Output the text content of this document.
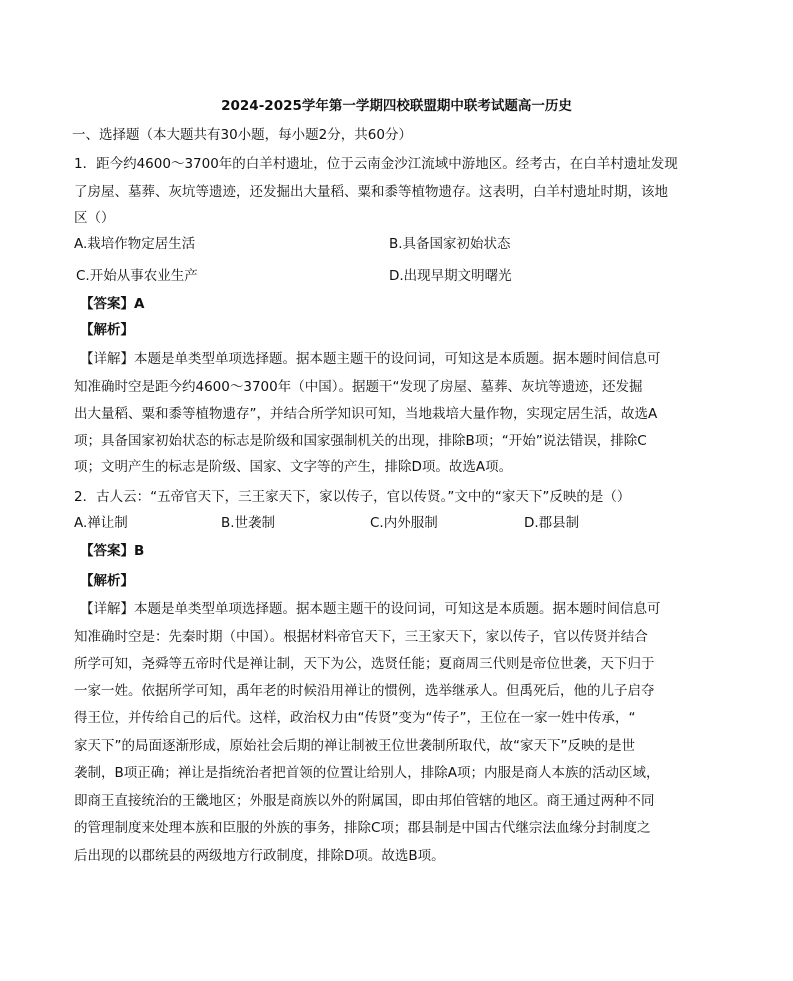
2024-2025学年第一学期四校联盟期中联考试题高一历史
一、选择题（本大题共有30小题，每小题2分，共60分）
1．距今约4600～3700年的白羊村遗址，位于云南金沙江流域中游地区。经考古，在白羊村遗址发现
了房屋、墓葬、灰坑等遗迹，还发掘出大量稻、粟和黍等植物遗存。这表明，白羊村遗址时期，该地
区（）
A.栽培作物定居生活	B.具备国家初始状态
C.开始从事农业生产	D.出现早期文明曙光
【答案】A
【解析】
【详解】本题是单类型单项选择题。据本题主题干的设问词，可知这是本质题。据本题时间信息可
知准确时空是距今约4600～3700年（中国）。据题干“发现了房屋、墓葬、灰坑等遗迹，还发掘
出大量稻、粟和黍等植物遗存”，并结合所学知识可知，当地栽培大量作物，实现定居生活，故选A
项；具备国家初始状态的标志是阶级和国家强制机关的出现，排除B项；“开始”说法错误，排除C
项；文明产生的标志是阶级、国家、文字等的产生，排除D项。故选A项。
2．古人云：“五帝官天下，三王家天下，家以传子，官以传贤。”文中的“家天下”反映的是（）
A.禅让制	B.世袭制	C.内外服制	D.郡县制
【答案】B
【解析】
【详解】本题是单类型单项选择题。据本题主题干的设问词，可知这是本质题。据本题时间信息可
知准确时空是：先秦时期（中国）。根据材料帝官天下，三王家天下，家以传子，官以传贤并结合
所学可知，尧舜等五帝时代是禅让制，天下为公，选贤任能；夏商周三代则是帝位世袭，天下归于
一家一姓。依据所学可知，禹年老的时候沿用禅让的惯例，选举继承人。但禹死后，他的儿子启夺
得王位，并传给自己的后代。这样，政治权力由“传贤”变为“传子”，王位在一家一姓中传承，“
家天下”的局面逐渐形成，原始社会后期的禅让制被王位世袭制所取代，故“家天下”反映的是世
袭制，B项正确；禅让是指统治者把首领的位置让给别人，排除A项；内服是商人本族的活动区域，
即商王直接统治的王畿地区；外服是商族以外的附属国，即由邦伯管辖的地区。商王通过两种不同
的管理制度来处理本族和臣服的外族的事务，排除C项；郡县制是中国古代继宗法血缘分封制度之
后出现的以郡统县的两级地方行政制度，排除D项。故选B项。
